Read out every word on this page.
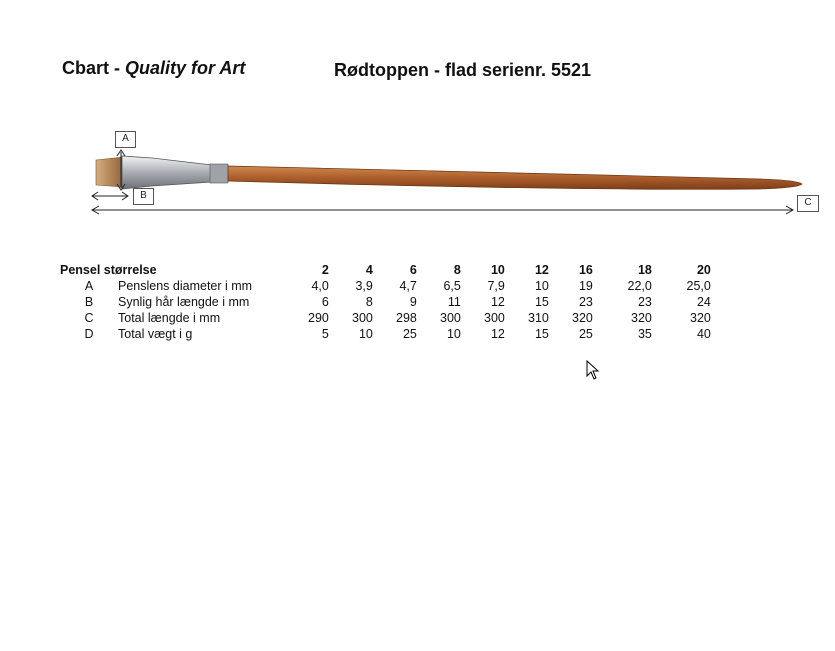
Cbart - Quality for Art	Rødtoppen - flad serienr. 5521
A
B
C
Pensel størrelse		2	4	6	8	10	12	16	18	20
A	Penslens diameter i mm	4,0	3,9	4,7	6,5	7,9	10	19	22,0	25,0
B	Synlig hår længde i mm	6	8	9	11	12	15	23	23	24
C	Total længde i mm	290	300	298	300	300	310	320	320	320
D	Total vægt i g	5	10	25	10	12	15	25	35	40
